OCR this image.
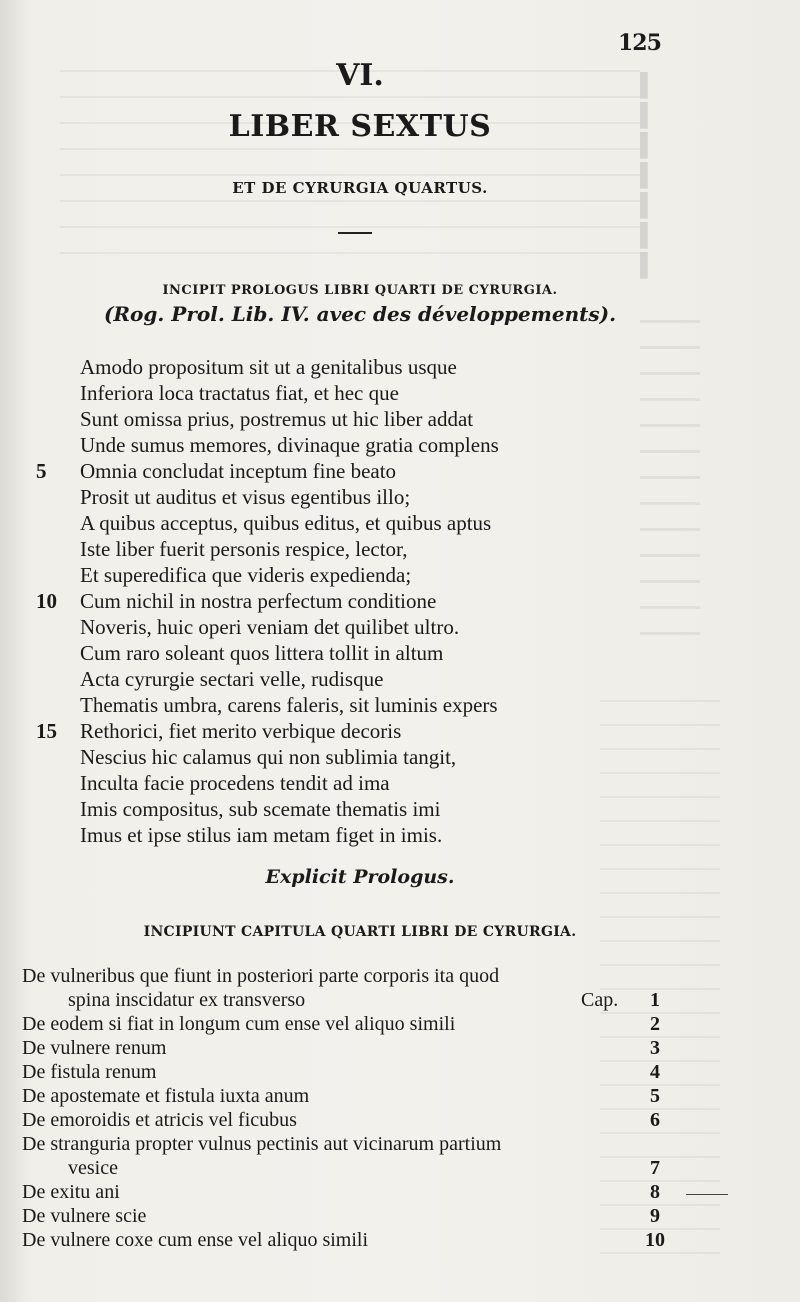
▌
▌
▌
▌
▌
▌
▌
125
VI.
LIBER SEXTUS
ET DE CYRURGIA QUARTUS.
INCIPIT PROLOGUS LIBRI QUARTI DE CYRURGIA.
(Rog. Prol. Lib. IV. avec des développements).
Amodo propositum sit ut a genitalibus usque
Inferiora loca tractatus fiat, et hec que
Sunt omissa prius, postremus ut hic liber addat
Unde sumus memores, divinaque gratia complens
5	Omnia concludat inceptum fine beato
Prosit ut auditus et visus egentibus illo;
A quibus acceptus, quibus editus, et quibus aptus
Iste liber fuerit personis respice, lector,
Et superedifica que videris expedienda;
10	Cum nichil in nostra perfectum conditione
Noveris, huic operi veniam det quilibet ultro.
Cum raro soleant quos littera tollit in altum
Acta cyrurgie sectari velle, rudisque
Thematis umbra, carens faleris, sit luminis expers
15	Rethorici, fiet merito verbique decoris
Nescius hic calamus qui non sublimia tangit,
Inculta facie procedens tendit ad ima
Imis compositus, sub scemate thematis imi
Imus et ipse stilus iam metam figet in imis.
Explicit Prologus.
INCIPIUNT CAPITULA QUARTI LIBRI DE CYRURGIA.
De vulneribus que fiunt in posteriori parte corporis ita quod
spina inscidatur ex transverso	Cap.	1
De eodem si fiat in longum cum ense vel aliquo simili	2
De vulnere renum	3
De fistula renum	4
De apostemate et fistula iuxta anum	5
De emoroidis et atricis vel ficubus	6
De stranguria propter vulnus pectinis aut vicinarum partium
vesice	7
De exitu ani	8
De vulnere scie	9
De vulnere coxe cum ense vel aliquo simili	10
